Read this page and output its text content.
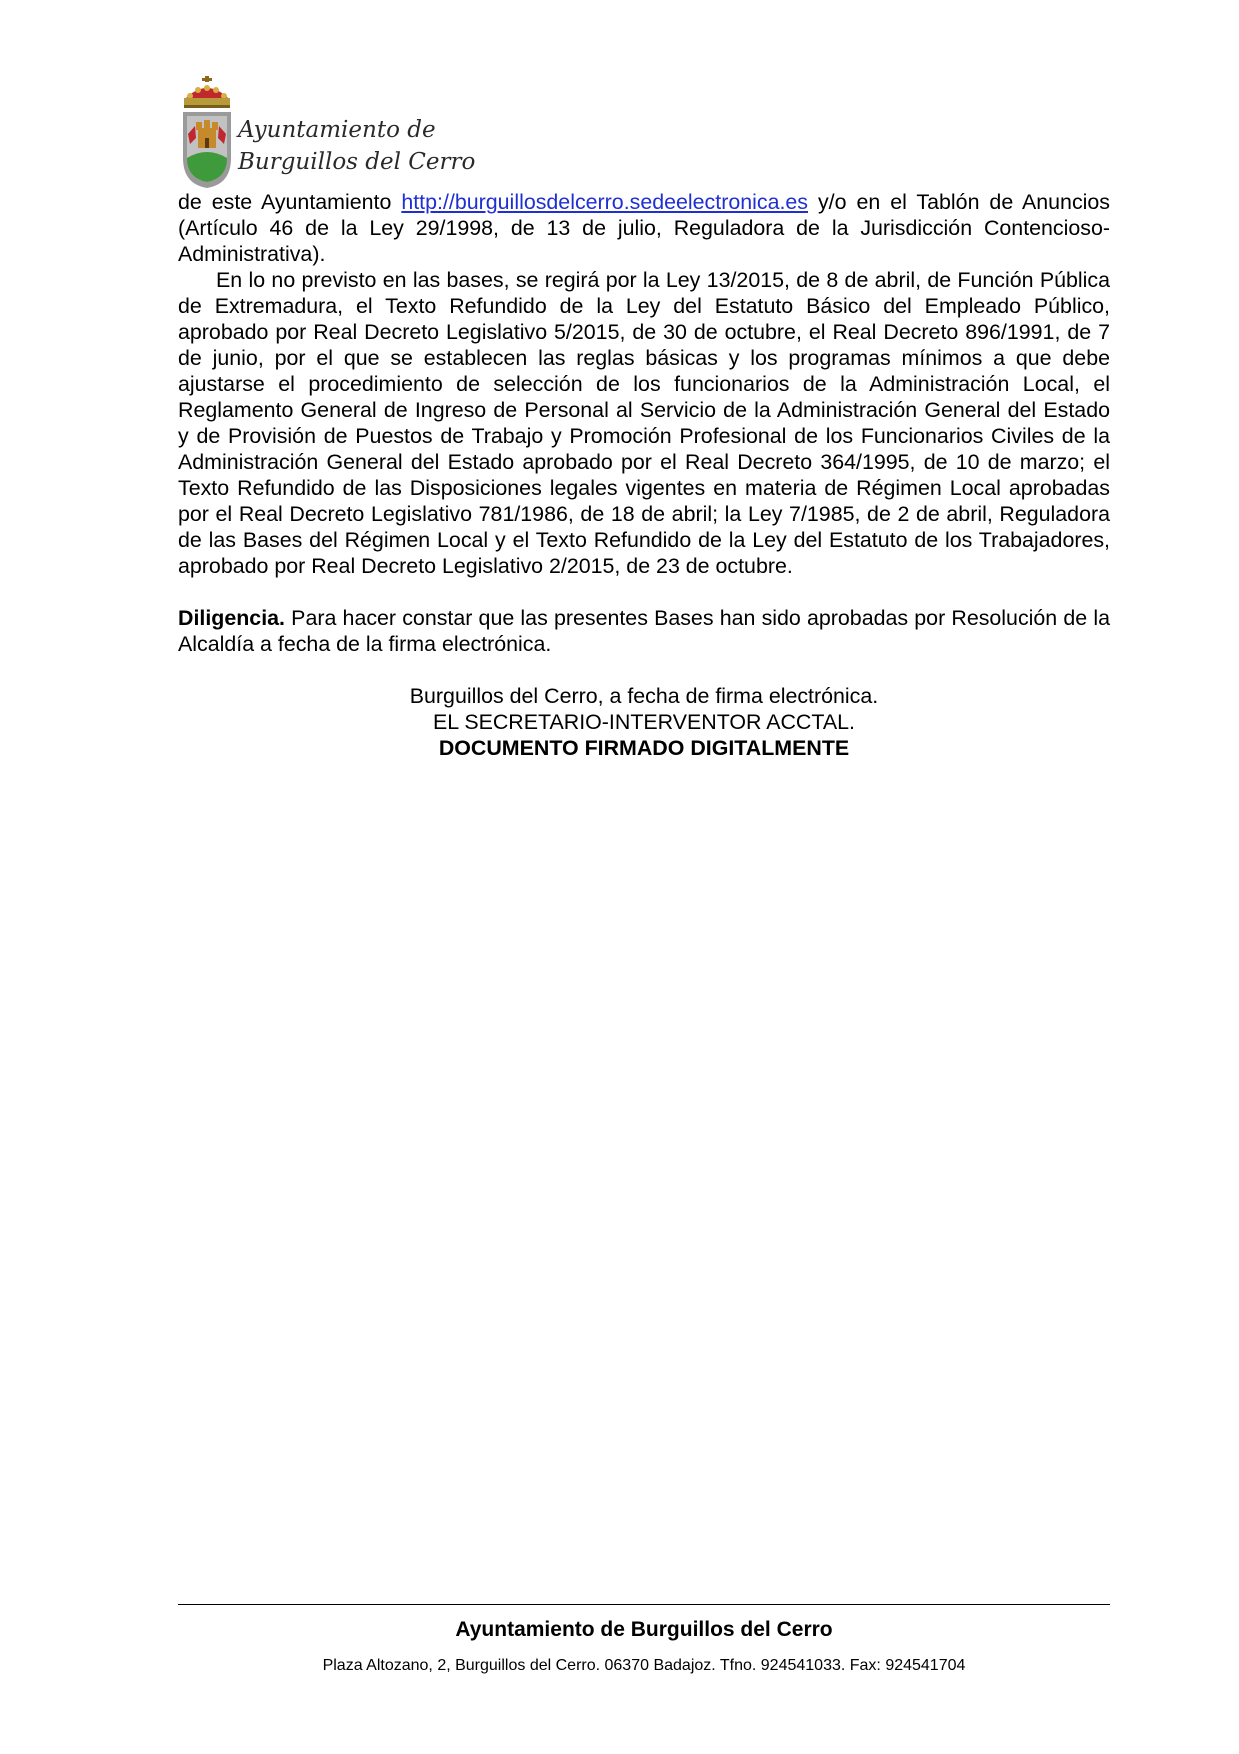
Ayuntamiento de
Burguillos del Cerro

de este Ayuntamiento http://burguillosdelcerro.sedeelectronica.es y/o en el Tablón de Anuncios (Artículo 46 de la Ley 29/1998, de 13 de julio, Reguladora de la Jurisdicción Contencioso-Administrativa).

En lo no previsto en las bases, se regirá por la Ley 13/2015, de 8 de abril, de Función Pública de Extremadura, el Texto Refundido de la Ley del Estatuto Básico del Empleado Público, aprobado por Real Decreto Legislativo 5/2015, de 30 de octubre, el Real Decreto 896/1991, de 7 de junio, por el que se establecen las reglas básicas y los programas mínimos a que debe ajustarse el procedimiento de selección de los funcionarios de la Administración Local, el Reglamento General de Ingreso de Personal al Servicio de la Administración General del Estado y de Provisión de Puestos de Trabajo y Promoción Profesional de los Funcionarios Civiles de la Administración General del Estado aprobado por el Real Decreto 364/1995, de 10 de marzo; el Texto Refundido de las Disposiciones legales vigentes en materia de Régimen Local aprobadas por el Real Decreto Legislativo 781/1986, de 18 de abril; la Ley 7/1985, de 2 de abril, Reguladora de las Bases del Régimen Local y el Texto Refundido de la Ley del Estatuto de los Trabajadores, aprobado por Real Decreto Legislativo 2/2015, de 23 de octubre.

Diligencia. Para hacer constar que las presentes Bases han sido aprobadas por Resolución de la Alcaldía a fecha de la firma electrónica.

Burguillos del Cerro, a fecha de firma electrónica.

EL SECRETARIO-INTERVENTOR ACCTAL.

DOCUMENTO FIRMADO DIGITALMENTE

Ayuntamiento de Burguillos del Cerro
Plaza Altozano, 2, Burguillos del Cerro. 06370 Badajoz. Tfno. 924541033. Fax: 924541704
